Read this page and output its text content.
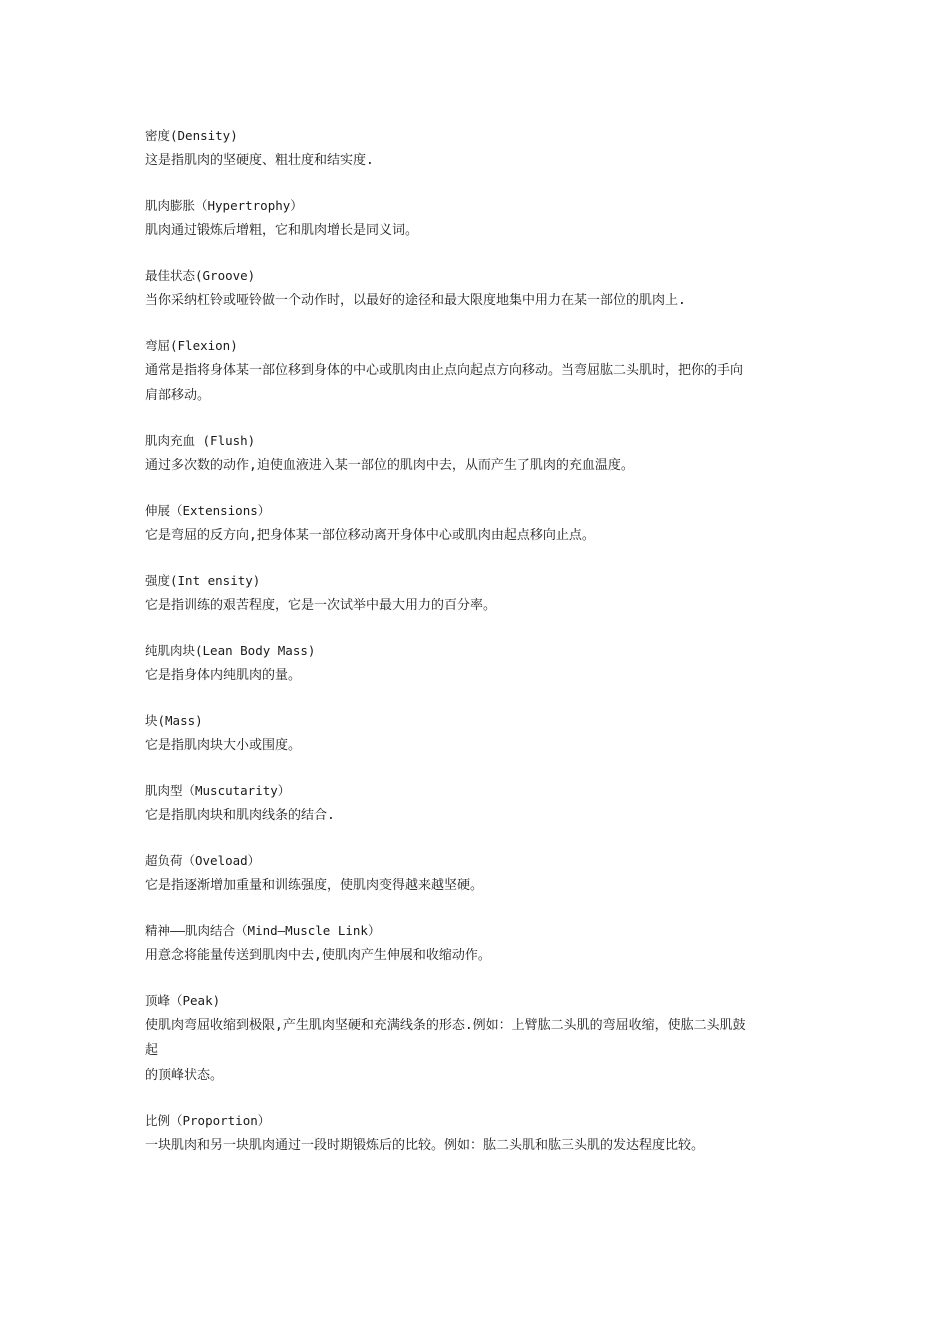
密度(Density)
这是指肌肉的坚硬度、粗壮度和结实度.
肌肉膨胀（Hypertrophy）
肌肉通过锻炼后增粗，它和肌肉增长是同义词。
最佳状态(Groove)
当你采纳杠铃或哑铃做一个动作时，以最好的途径和最大限度地集中用力在某一部位的肌肉上.
弯屈(Flexion)
通常是指将身体某一部位移到身体的中心或肌肉由止点向起点方向移动。当弯屈肱二头肌时，把你的手向
肩部移动。
肌肉充血 (Flush)
通过多次数的动作,迫使血液进入某一部位的肌肉中去，从而产生了肌肉的充血温度。
伸展（Extensions）
它是弯屈的反方向,把身体某一部位移动离开身体中心或肌肉由起点移向止点。
强度(Int ensity)
它是指训练的艰苦程度，它是一次试举中最大用力的百分率。
纯肌肉块(Lean Body Mass)
它是指身体内纯肌肉的量。
块(Mass)
它是指肌肉块大小或围度。
肌肉型（Muscutarity）
它是指肌肉块和肌肉线条的结合.
超负荷（Oveload）
它是指逐渐增加重量和训练强度，使肌肉变得越来越坚硬。
精神——肌肉结合（Mind—Muscle Link）
用意念将能量传送到肌肉中去,使肌肉产生伸展和收缩动作。
顶峰（Peak)
使肌肉弯屈收缩到极限,产生肌肉坚硬和充满线条的形态.例如：上臂肱二头肌的弯屈收缩，使肱二头肌鼓
起
的顶峰状态。
比例（Proportion）
一块肌肉和另一块肌肉通过一段时期锻炼后的比较。例如：肱二头肌和肱三头肌的发达程度比较。
